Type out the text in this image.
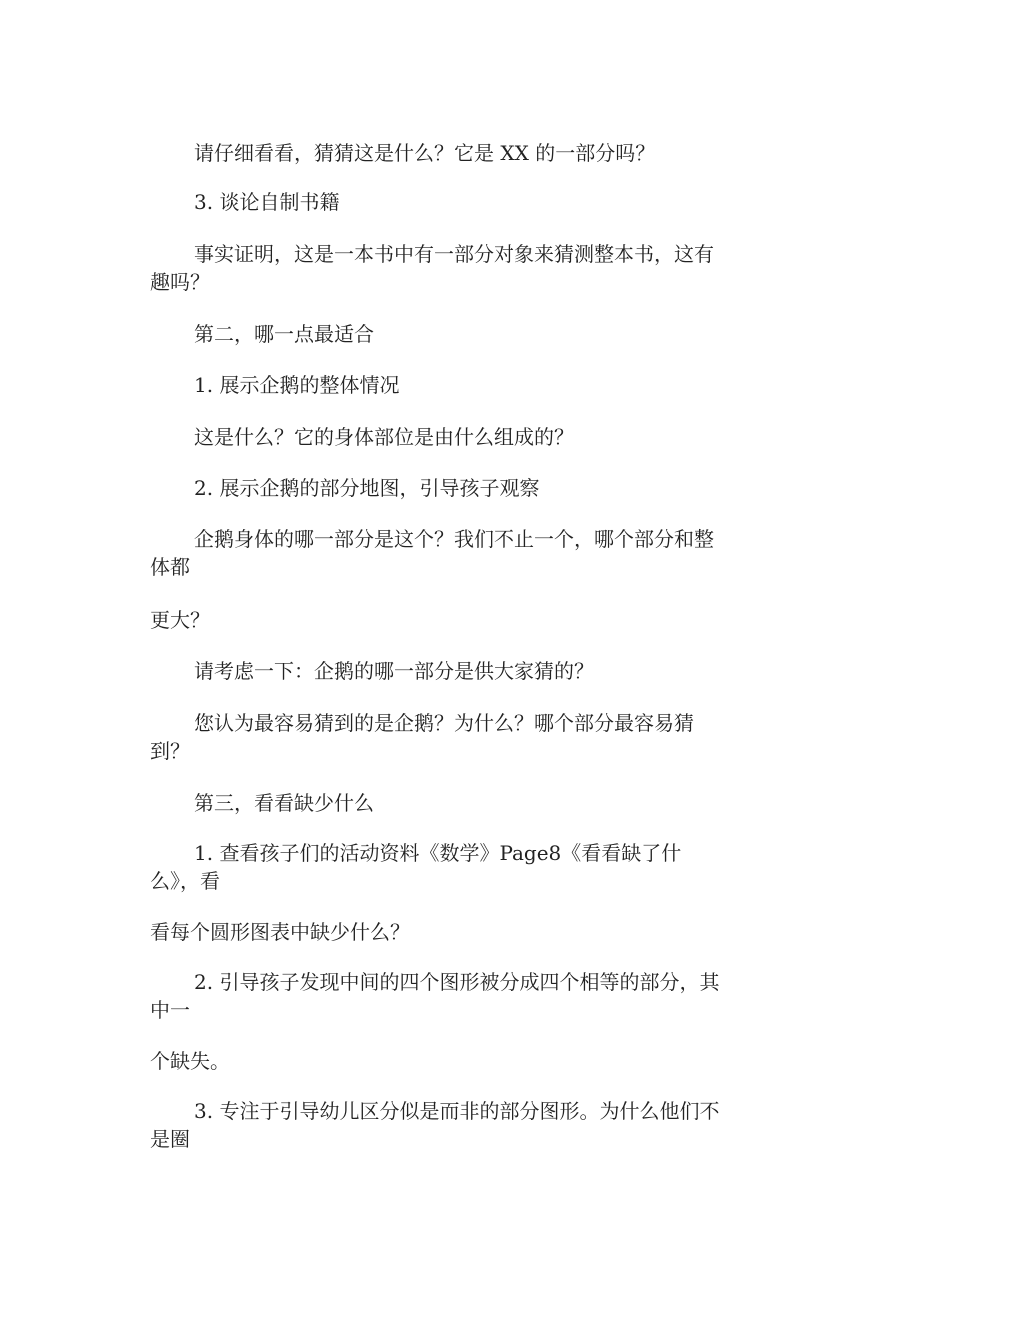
请仔细看看，猜猜这是什么？它是 XX 的一部分吗？
3. 谈论自制书籍
事实证明，这是一本书中有一部分对象来猜测整本书，这有趣吗？
第二，哪一点最适合
1. 展示企鹅的整体情况
这是什么？它的身体部位是由什么组成的？
2. 展示企鹅的部分地图，引导孩子观察
企鹅身体的哪一部分是这个？我们不止一个，哪个部分和整体都
更大？
请考虑一下：企鹅的哪一部分是供大家猜的？
您认为最容易猜到的是企鹅？为什么？哪个部分最容易猜到？
第三，看看缺少什么
1. 查看孩子们的活动资料《数学》Page8《看看缺了什么》，看
看每个圆形图表中缺少什么？
2. 引导孩子发现中间的四个图形被分成四个相等的部分，其中一
个缺失。
3. 专注于引导幼儿区分似是而非的部分图形。为什么他们不是圈
